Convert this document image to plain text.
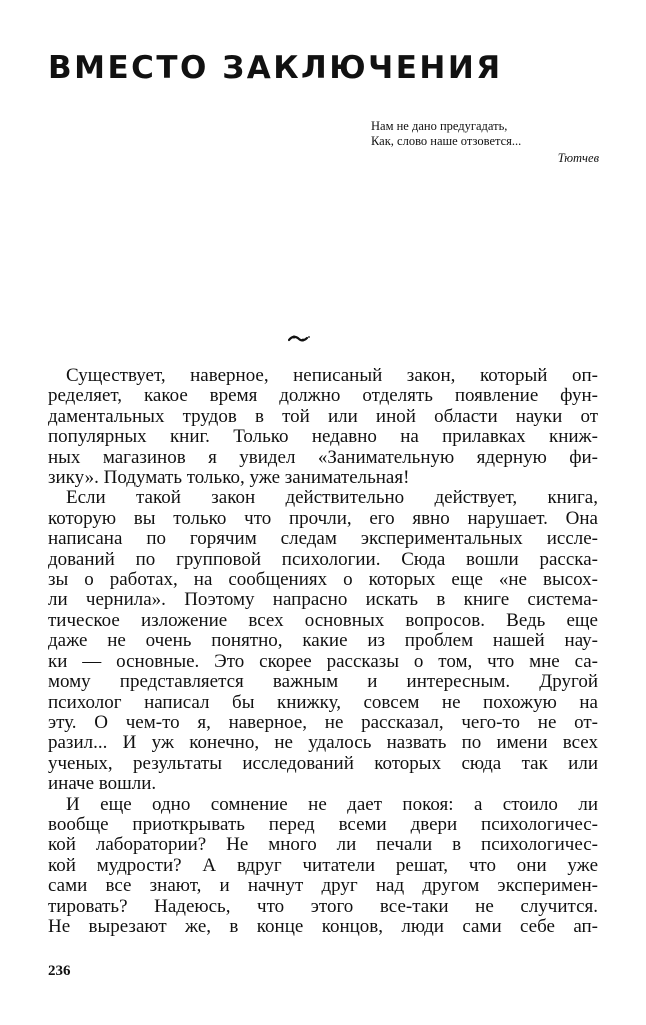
ВМЕСТО ЗАКЛЮЧЕНИЯ
Нам не дано предугадать,
Как, слово наше отзовется...
Тютчев

Существует, наверное, неписаный закон, который оп-
ределяет, какое время должно отделять появление фун-
даментальных трудов в той или иной области науки от
популярных книг. Только недавно на прилавках книж-
ных магазинов я увидел «Занимательную ядерную фи-
зику». Подумать только, уже занимательная!

Если такой закон действительно действует, книга,
которую вы только что прочли, его явно нарушает. Она
написана по горячим следам экспериментальных иссле-
дований по групповой психологии. Сюда вошли расска-
зы о работах, на сообщениях о которых еще «не высох-
ли чернила». Поэтому напрасно искать в книге системa-
тическое изложение всех основных вопросов. Ведь еще
даже не очень понятно, какие из проблем нашей нау-
ки — основные. Это скорее рассказы о том, что мне са-
мому представляется важным и интересным. Другой
психолог написал бы книжку, совсем не похожую на
эту. О чем-то я, наверное, не рассказал, чего-то не от-
разил... И уж конечно, не удалось назвать по имени всех
ученых, результаты исследований которых сюда так или
иначе вошли.

И еще одно сомнение не дает покоя: а стоило ли
вообще приоткрывать перед всеми двери психологичес-
кой лаборатории? Не много ли печали в психологичес-
кой мудрости? А вдруг читатели решат, что они уже
сами все знают, и начнут друг над другом эксперимен-
тировать? Надеюсь, что этого все-таки не случится.
Не вырезают же, в конце концов, люди сами себе ап-

236
